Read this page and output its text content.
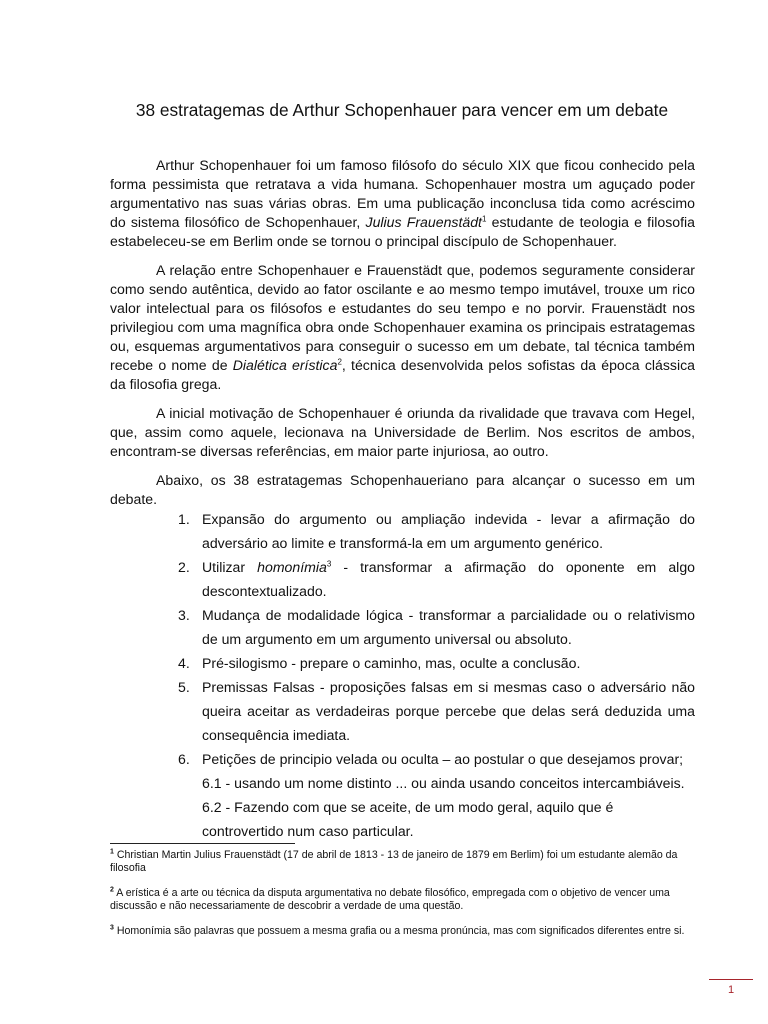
38 estratagemas de Arthur Schopenhauer para vencer em um debate

Arthur Schopenhauer foi um famoso filósofo do século XIX que ficou conhecido pela forma pessimista que retratava a vida humana. Schopenhauer mostra um aguçado poder argumentativo nas suas várias obras. Em uma publicação inconclusa tida como acréscimo do sistema filosófico de Schopenhauer, Julius Frauenstädt$^1$ estudante de teologia e filosofia estabeleceu-se em Berlim onde se tornou o principal discípulo de Schopenhauer.

A relação entre Schopenhauer e Frauenstädt que, podemos seguramente considerar como sendo autêntica, devido ao fator oscilante e ao mesmo tempo imutável, trouxe um rico valor intelectual para os filósofos e estudantes do seu tempo e no porvir. Frauenstädt nos privilegiou com uma magnífica obra onde Schopenhauer examina os principais estratagemas ou, esquemas argumentativos para conseguir o sucesso em um debate, tal técnica também recebe o nome de Dialética erística$^2$, técnica desenvolvida pelos sofistas da época clássica da filosofia grega.

A inicial motivação de Schopenhauer é oriunda da rivalidade que travava com Hegel, que, assim como aquele, lecionava na Universidade de Berlim. Nos escritos de ambos, encontram-se diversas referências, em maior parte injuriosa, ao outro.

Abaixo, os 38 estratagemas Schopenhaueriano para alcançar o sucesso em um debate.

1. Expansão do argumento ou ampliação indevida - levar a afirmação do adversário ao limite e transformá-la em um argumento genérico.
2. Utilizar homonímia$^3$ - transformar a afirmação do oponente em algo descontextualizado.
3. Mudança de modalidade lógica - transformar a parcialidade ou o relativismo de um argumento em um argumento universal ou absoluto.
4. Pré-silogismo - prepare o caminho, mas, oculte a conclusão.
5. Premissas Falsas - proposições falsas em si mesmas caso o adversário não queira aceitar as verdadeiras porque percebe que delas será deduzida uma consequência imediata.
6. Petições de principio velada ou oculta – ao postular o que desejamos provar;
6.1 - usando um nome distinto ... ou ainda usando conceitos intercambiáveis.
6.2 - Fazendo com que se aceite, de um modo geral, aquilo que é controvertido num caso particular.

$^1$ Christian Martin Julius Frauenstädt (17 de abril de 1813 - 13 de janeiro de 1879 em Berlim) foi um estudante alemão da filosofia

$^2$ A erística é a arte ou técnica da disputa argumentativa no debate filosófico, empregada com o objetivo de vencer uma discussão e não necessariamente de descobrir a verdade de uma questão.

$^3$ Homonímia são palavras que possuem a mesma grafia ou a mesma pronúncia, mas com significados diferentes entre si.

1
